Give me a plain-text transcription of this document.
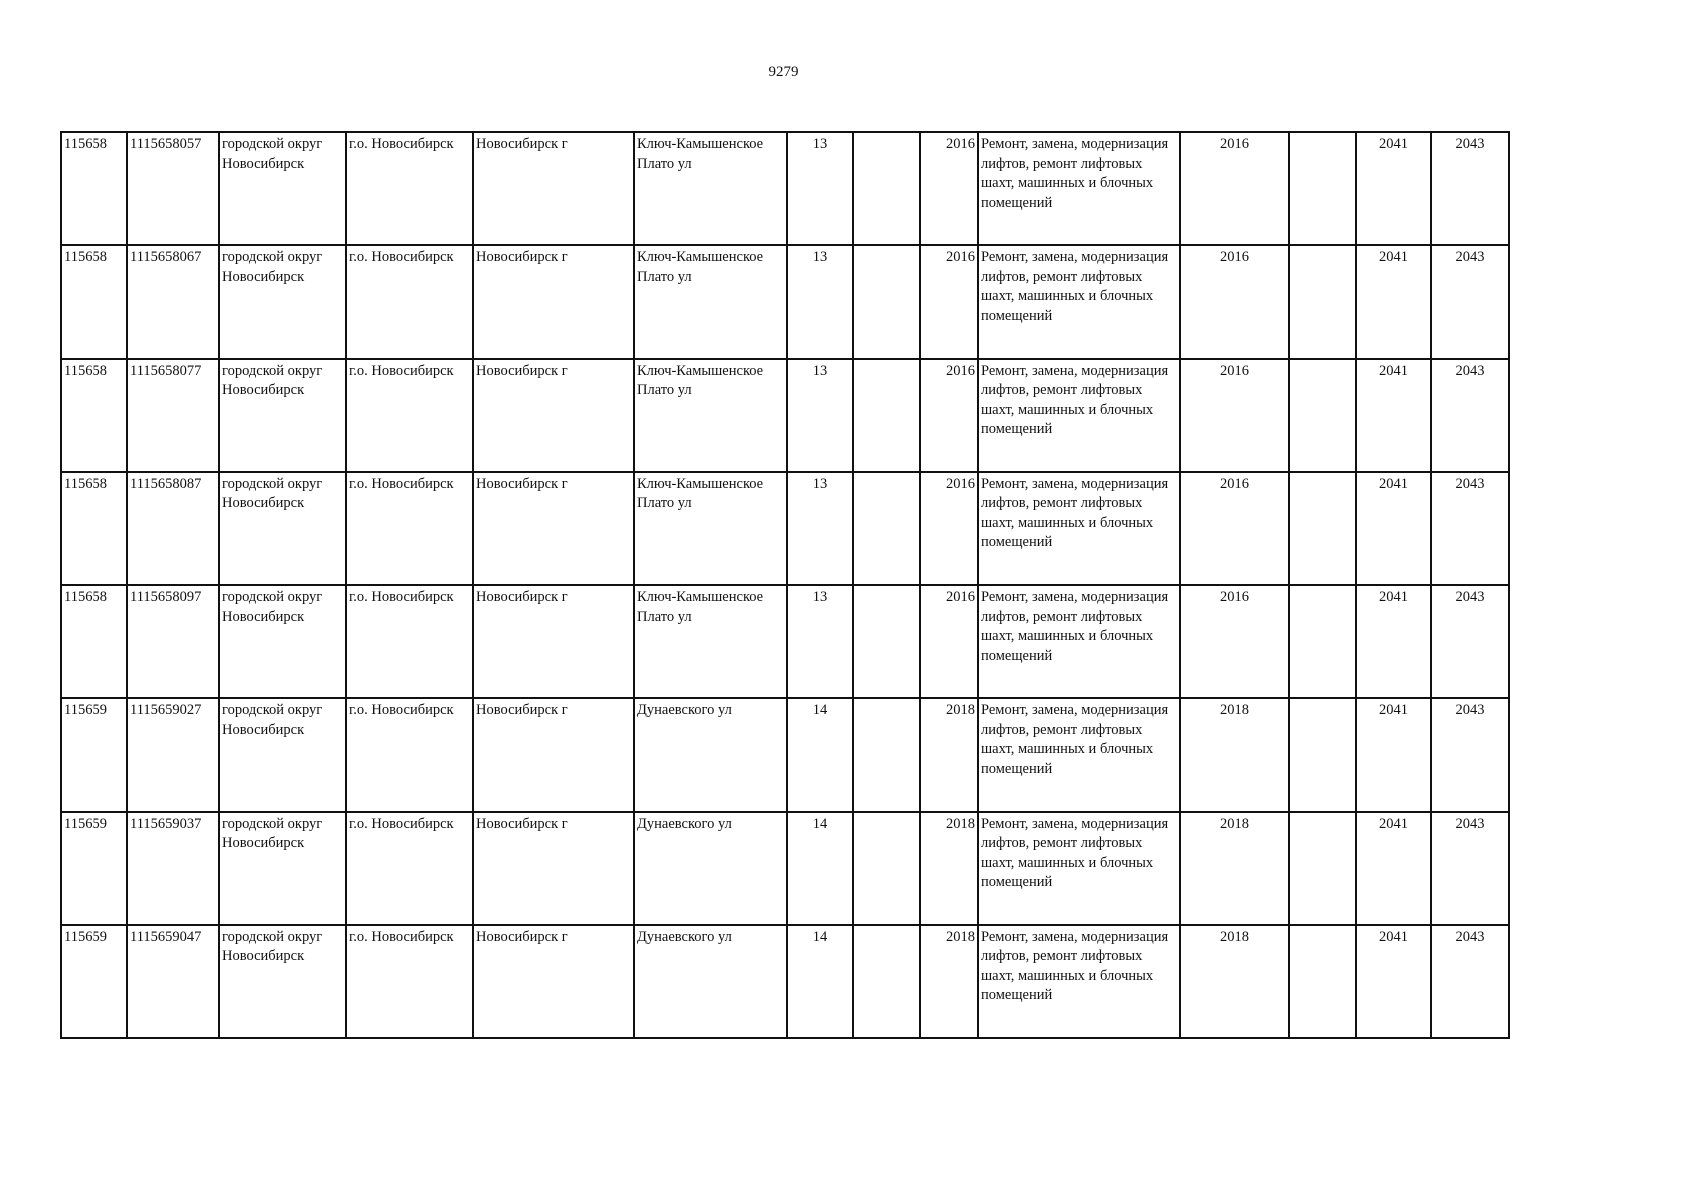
9279
115658	1115658057	городской округ Новосибирск	г.о. Новосибирск	Новосибирск г	Ключ-Камышенское Плато ул	13		2016	Ремонт, замена, модернизация лифтов, ремонт лифтовых шахт, машинных и блочных помещений	2016		2041	2043
115658	1115658067	городской округ Новосибирск	г.о. Новосибирск	Новосибирск г	Ключ-Камышенское Плато ул	13		2016	Ремонт, замена, модернизация лифтов, ремонт лифтовых шахт, машинных и блочных помещений	2016		2041	2043
115658	1115658077	городской округ Новосибирск	г.о. Новосибирск	Новосибирск г	Ключ-Камышенское Плато ул	13		2016	Ремонт, замена, модернизация лифтов, ремонт лифтовых шахт, машинных и блочных помещений	2016		2041	2043
115658	1115658087	городской округ Новосибирск	г.о. Новосибирск	Новосибирск г	Ключ-Камышенское Плато ул	13		2016	Ремонт, замена, модернизация лифтов, ремонт лифтовых шахт, машинных и блочных помещений	2016		2041	2043
115658	1115658097	городской округ Новосибирск	г.о. Новосибирск	Новосибирск г	Ключ-Камышенское Плато ул	13		2016	Ремонт, замена, модернизация лифтов, ремонт лифтовых шахт, машинных и блочных помещений	2016		2041	2043
115659	1115659027	городской округ Новосибирск	г.о. Новосибирск	Новосибирск г	Дунаевского ул	14		2018	Ремонт, замена, модернизация лифтов, ремонт лифтовых шахт, машинных и блочных помещений	2018		2041	2043
115659	1115659037	городской округ Новосибирск	г.о. Новосибирск	Новосибирск г	Дунаевского ул	14		2018	Ремонт, замена, модернизация лифтов, ремонт лифтовых шахт, машинных и блочных помещений	2018		2041	2043
115659	1115659047	городской округ Новосибирск	г.о. Новосибирск	Новосибирск г	Дунаевского ул	14		2018	Ремонт, замена, модернизация лифтов, ремонт лифтовых шахт, машинных и блочных помещений	2018		2041	2043
